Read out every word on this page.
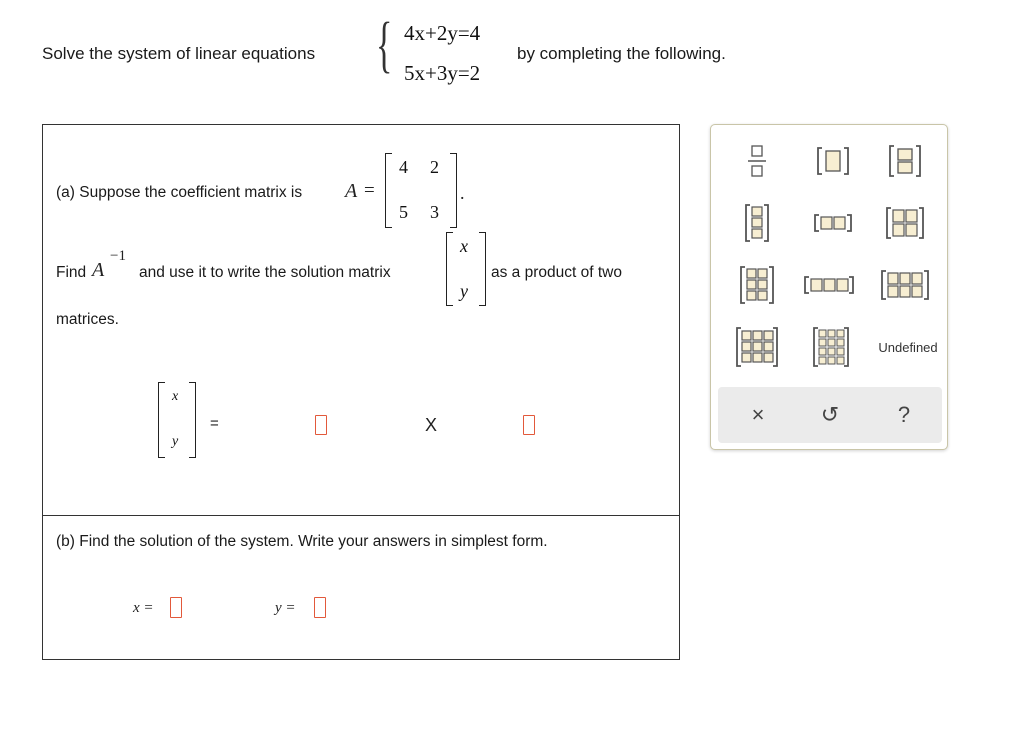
Solve the system of linear equations { 4x+2y=4
5x+3y=2
by completing the following.
(a) Suppose the coefficient matrix is A =
4 2
5 3
.
Find A
−1
and use it to write the solution matrix
x
y
as a product of two
matrices.
x
y
=	X
(b) Find the solution of the system. Write your answers in simplest form.
x =	y =
Undefined
×	↺	?
